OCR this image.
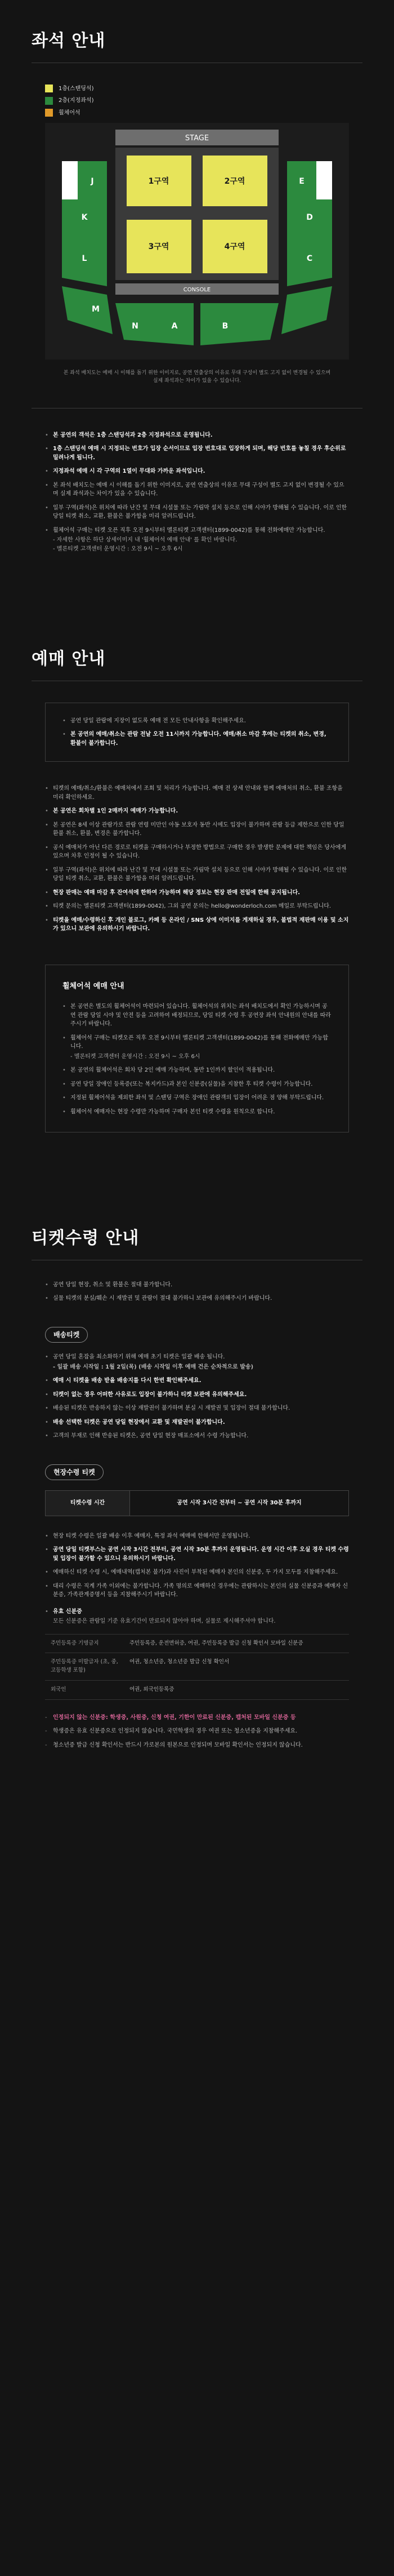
좌석 안내
1층(스탠딩석)
2층(지정좌석)
휠체어석
STAGE
1구역	2구역
3구역	4구역
CONSOLE
J	E
K	D
L	C
M
N	A	B
본 좌석 배치도는 예매 시 이해를 돕기 위한 이미지로, 공연 연출상의 이유로 무대 구성이 별도 고지 없이 변경될 수 있으며 실제 좌석과는 차이가 있을 수 있습니다.
• 본 공연의 객석은 1층 스탠딩석과 2층 지정좌석으로 운영됩니다.
• 1층 스탠딩석 예매 시 지정되는 번호가 입장 순서이므로 입장 번호대로 입장하게 되며, 해당 번호를 놓칠 경우 후순위로 밀려나게 됩니다.
• 지정좌석 예매 시 각 구역의 1열이 무대와 가까운 좌석입니다.
• 본 좌석 배치도는 예매 시 이해를 돕기 위한 이미지로, 공연 연출상의 이유로 무대 구성이 별도 고지 없이 변경될 수 있으며 실제 좌석과는 차이가 있을 수 있습니다.
• 일부 구역(좌석)은 위치에 따라 난간 및 무대 시설물 또는 가림막 설치 등으로 인해 시야가 방해될 수 있습니다. 이로 인한 당일 티켓 취소, 교환, 환불은 불가함을 미리 알려드립니다.
• 휠체어석 구매는 티켓 오픈 직후 오전 9시부터 멜론티켓 고객센터(1899-0042)를 통해 전화예매만 가능합니다.
- 자세한 사항은 하단 상세이미지 내 '휠체어석 예매 안내' 를 확인 바랍니다.
- 멜론티켓 고객센터 운영시간 : 오전 9시 ~ 오후 6시
예매 안내
• 공연 당일 관람에 지장이 없도록 예매 전 모든 안내사항을 확인해주세요.
• 본 공연의 예매/취소는 관람 전날 오전 11시까지 가능합니다. 예매/취소 마감 후에는 티켓의 취소, 변경, 환불이 불가합니다.
• 티켓의 예매/취소/환불은 예매처에서 조회 및 처리가 가능합니다. 예매 전 상세 안내와 함께 예매처의 취소, 환불 조항을 미리 확인하세요.
• 본 공연은 회차별 1인 2매까지 예매가 가능합니다.
• 본 공연은 8세 이상 관람가로 관람 연령 미만인 아동 보호자 동반 시에도 입장이 불가하며 관람 등급 제한으로 인한 당일 환불 취소, 환불, 변경은 불가합니다.
• 공식 예매처가 아닌 다른 경로로 티켓을 구매하시거나 부정한 방법으로 구매한 경우 발생한 문제에 대한 책임은 당사에게 있으며 차후 인정이 될 수 있습니다.
• 일부 구역(좌석)은 위치에 따라 난간 및 무대 시설물 또는 가림막 설치 등으로 인해 시야가 방해될 수 있습니다. 이로 인한 당일 티켓 취소, 교환, 환불은 불가함을 미리 알려드립니다.
• 현장 판매는 예매 마감 후 잔여석에 한하여 가능하며 해당 정보는 현장 판매 전일에 한해 공지됩니다.
• 티켓 문의는 멜론티켓 고객센터(1899-0042), 그외 공연 문의는 hello@wonderloch.com 메일로 부탁드립니다.
• 티켓을 예매/수령하신 후 개인 블로그, 카페 등 온라인 / SNS 상에 이미지를 게재하실 경우, 불법적 재판매 이용 및 소지가 있으니 보관에 유의하시기 바랍니다.
휠체어석 예매 안내
• 본 공연은 별도의 휠체어석이 마련되어 있습니다. 휠체어석의 위치는 좌석 배치도에서 확인 가능하시며 공연 관람 당일 시야 및 안전 등을 고려하여 배정되므로, 당일 티켓 수령 후 공연장 좌석 안내원의 안내를 따라주시기 바랍니다.
• 휠체어석 구매는 티켓오픈 직후 오전 9시부터 멜론티켓 고객센터(1899-0042)를 통해 전화예매만 가능합니다.
- 멜론티켓 고객센터 운영시간 : 오전 9시 ~ 오후 6시
• 본 공연의 휠체어석은 회차 당 2인 예매 가능하며, 동반 1인까지 할인이 적용됩니다.
• 공연 당일 장애인 등록증(또는 복지카드)과 본인 신분증(실물)을 지참한 후 티켓 수령이 가능합니다.
• 지정된 휠체어석을 제외한 좌석 및 스탠딩 구역은 장애인 관람객의 입장이 어려운 점 양해 부탁드립니다.
• 휠체어석 예매자는 현장 수령만 가능하며 구매자 본인 티켓 수령을 원칙으로 합니다.
티켓수령 안내
• 공연 당일 현장, 취소 및 환불은 절대 불가합니다.
• 실물 티켓의 분실/훼손 시 재발권 및 관람이 절대 불가하니 보관에 유의해주시기 바랍니다.
배송티켓
• 공연 당일 혼잡을 최소화하기 위해 예매 초기 티켓은 일괄 배송 됩니다.
- 일괄 배송 시작일 : 1월 2일(목) (배송 시작일 이후 예매 건은 순차적으로 발송)
• 예매 시 티켓을 배송 받을 배송지를 다시 한번 확인해주세요.
• 티켓이 없는 경우 어떠한 사유로도 입장이 불가하니 티켓 보관에 유의해주세요.
• 배송된 티켓은 반송하지 않는 이상 재발권이 불가하며 분실 시 재발권 및 입장이 절대 불가합니다.
• 배송 선택한 티켓은 공연 당일 현장에서 교환 및 재발권이 불가합니다.
• 고객의 부재로 인해 반송된 티켓은, 공연 당일 현장 매표소에서 수령 가능합니다.
현장수령 티켓
티켓수령 시간	공연 시작 3시간 전부터 ~ 공연 시작 30분 후까지
• 현장 티켓 수령은 일괄 배송 이후 예매자, 특정 좌석 예매에 한해서만 운영됩니다.
• 공연 당일 티켓부스는 공연 시작 3시간 전부터, 공연 시작 30분 후까지 운영됩니다. 운영 시간 이후 오실 경우 티켓 수령 및 입장이 불가할 수 있으니 유의하시기 바랍니다.
• 예매하신 티켓 수령 시, 예매내역(캡처본 불가)과 사진이 부착된 예매자 본인의 신분증, 두 가지 모두를 지참해주세요.
• 대리 수령은 직계 가족 이외에는 불가합니다. 가족 명의로 예매하신 경우에는 관람하시는 본인의 실물 신분증과 예매자 신분증, 가족관계증명서 등을 지참해주시기 바랍니다.
• 유효 신분증
모든 신분증은 관람일 기준 유효기간이 만료되지 않아야 하며, 실물로 제시해주셔야 합니다.
주민등록증 기명금지	주민등록증, 운전면허증, 여권, 주민등록증 발급 신청 확인서 모바일 신분증
주민등록증 미발급자 (초, 중, 고등학생 포함)	여권, 청소년증, 청소년증 발급 신청 확인서
외국인	여권, 외국인등록증
- 인정되지 않는 신분증: 학생증, 사원증, 신청 여권, 기한이 만료된 신분증, 캡처된 모바일 신분증 등
- 학생증은 유효 신분증으로 인정되지 않습니다. 국민학생의 경우 여권 또는 청소년증을 지참해주세요.
- 청소년증 발급 신청 확인서는 반드시 가로본의 원본으로 인정되며 모바일 확인서는 인정되지 않습니다.
